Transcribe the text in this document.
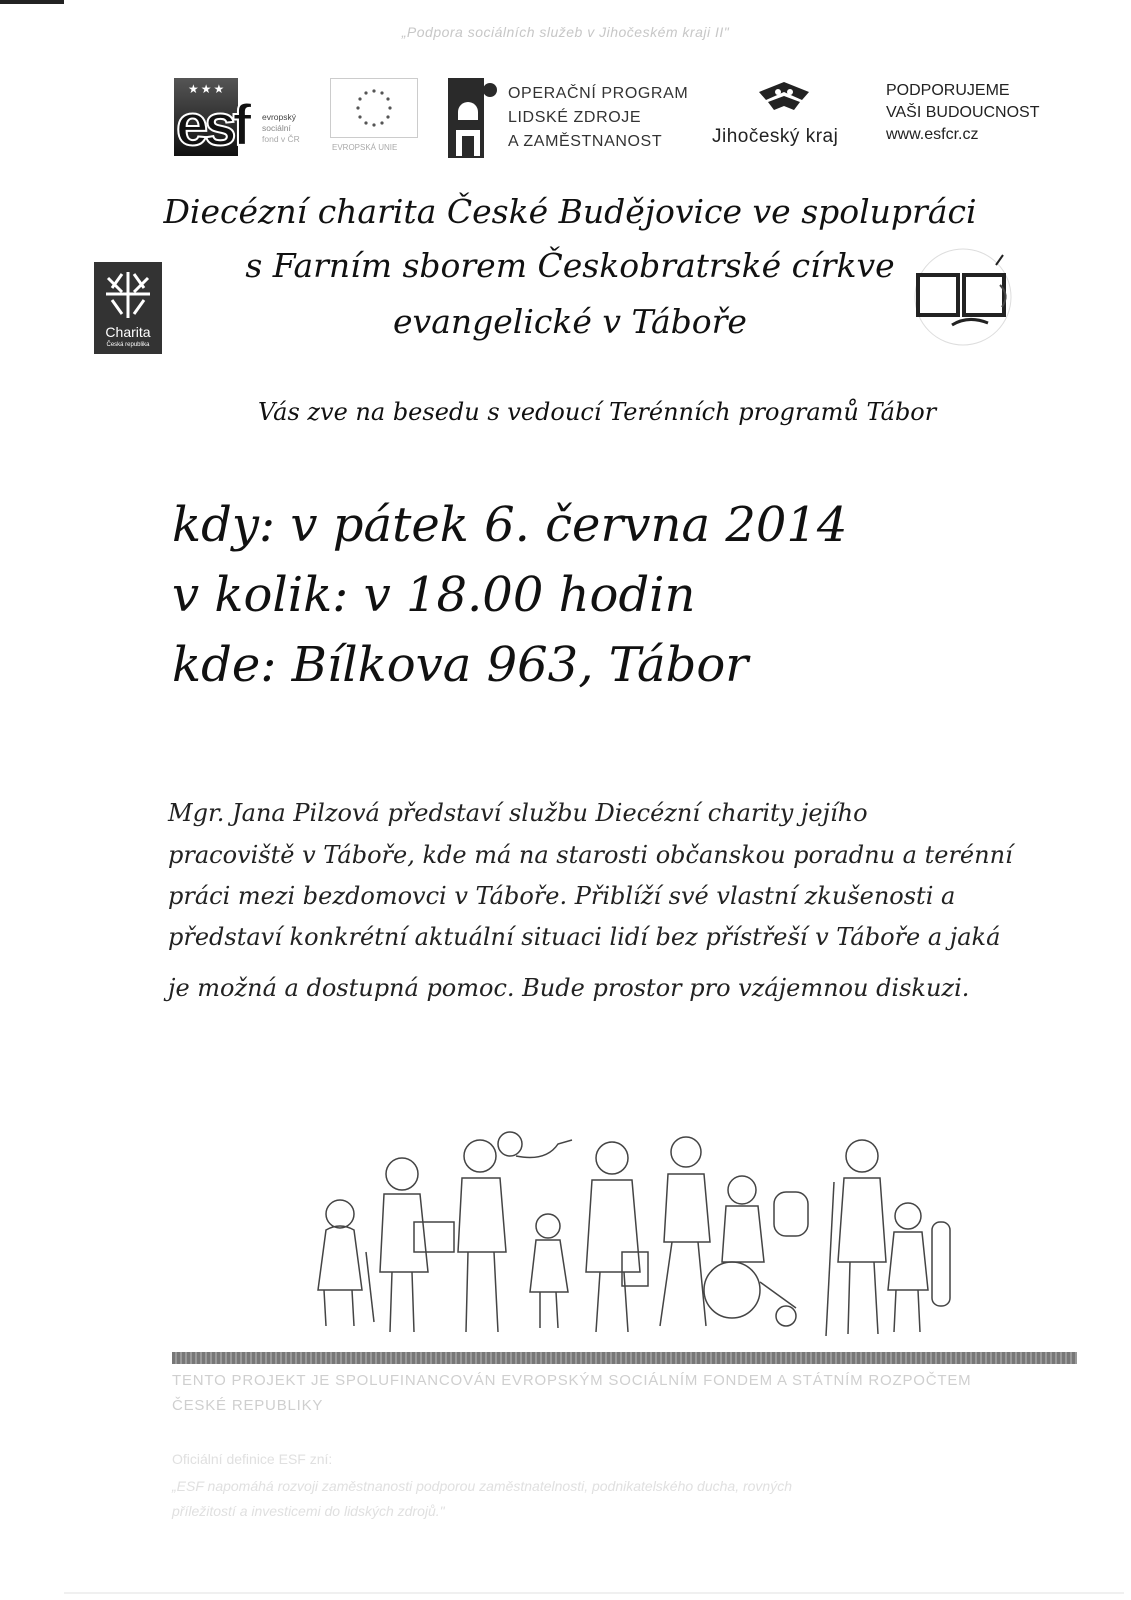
„Podpora sociálních služeb v Jihočeském kraji II"
★★★
esf evropský
sociální
fond v ČR
EVROPSKÁ UNIE
OPERAČNÍ PROGRAM
LIDSKÉ ZDROJE
A ZAMĚSTNANOST	Jihočeský kraj
PODPORUJEME
VAŠI BUDOUCNOST
www.esfcr.cz
Charita
Česká republika
Diecézní charita České Budějovice ve spolupráci
s Farním sborem Českobratrské církve
evangelické v Táboře
Vás zve na besedu s vedoucí Terénních programů Tábor
kdy: v pátek 6. června 2014
v kolik: v 18.00 hodin
kde: Bílkova 963, Tábor
Mgr. Jana Pilzová představí službu Diecézní charity jejího
pracoviště v Táboře, kde má na starosti občanskou poradnu a terénní
práci mezi bezdomovci v Táboře. Přiblíží své vlastní zkušenosti a
představí konkrétní aktuální situaci lidí bez přístřeší v Táboře a jaká
je možná a dostupná pomoc. Bude prostor pro vzájemnou diskuzi.
TENTO PROJEKT JE SPOLUFINANCOVÁN EVROPSKÝM SOCIÁLNÍM FONDEM A STÁTNÍM ROZPOČTEM
ČESKÉ REPUBLIKY
Oficiální definice ESF zní:
„ESF napomáhá rozvoji zaměstnanosti podporou zaměstnatelnosti, podnikatelského ducha, rovných
příležitostí a investicemi do lidských zdrojů."
